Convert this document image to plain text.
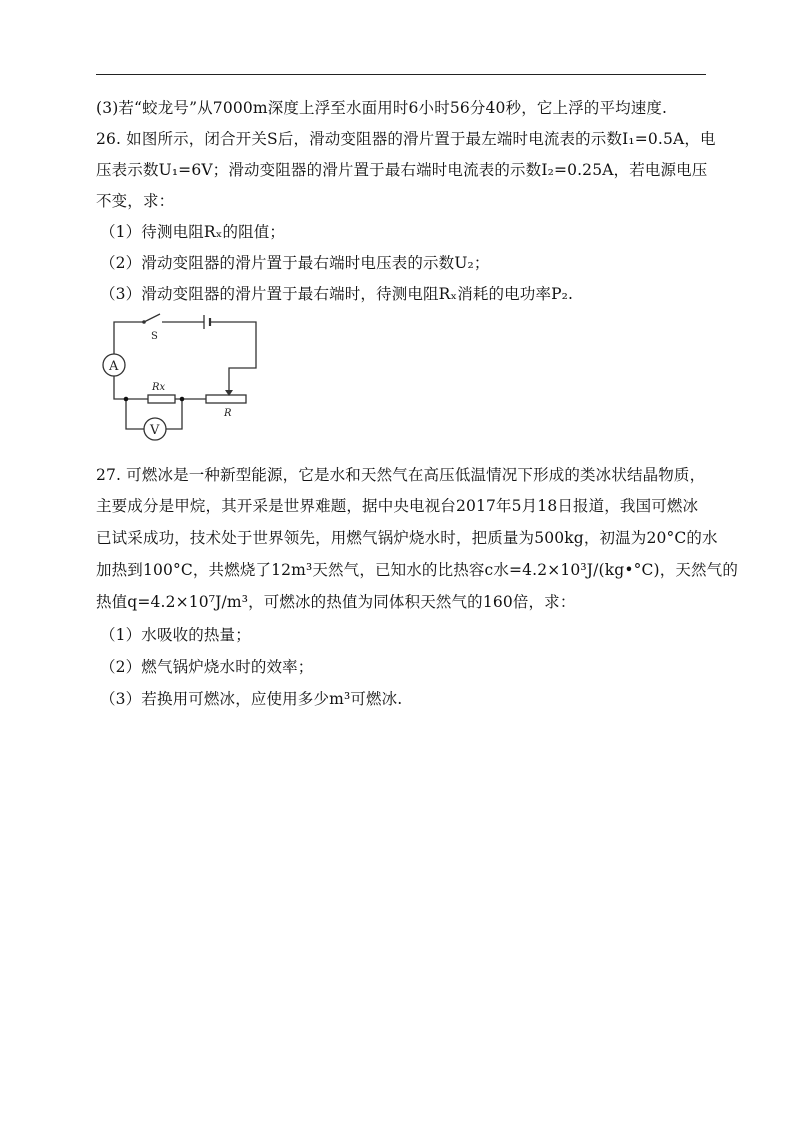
(3)若“蛟龙号”从7000m深度上浮至水面用时6小时56分40秒，它上浮的平均速度.
26. 如图所示，闭合开关S后，滑动变阻器的滑片置于最左端时电流表的示数I₁=0.5A，电
压表示数U₁=6V；滑动变阻器的滑片置于最右端时电流表的示数I₂=0.25A，若电源电压
不变，求：
（1）待测电阻Rₓ的阻值；
（2）滑动变阻器的滑片置于最右端时电压表的示数U₂；
（3）滑动变阻器的滑片置于最右端时，待测电阻Rₓ消耗的电功率P₂.
S
A
V
Rx
R
27. 可燃冰是一种新型能源，它是水和天然气在高压低温情况下形成的类冰状结晶物质，
主要成分是甲烷，其开采是世界难题，据中央电视台2017年5月18日报道，我国可燃冰
已试采成功，技术处于世界领先，用燃气锅炉烧水时，把质量为500kg，初温为20°C的水
加热到100°C，共燃烧了12m³天然气，已知水的比热容c水=4.2×10³J/(kg•°C)，天然气的
热值q=4.2×10⁷J/m³，可燃冰的热值为同体积天然气的160倍，求：
（1）水吸收的热量；
（2）燃气锅炉烧水时的效率；
（3）若换用可燃冰，应使用多少m³可燃冰.
